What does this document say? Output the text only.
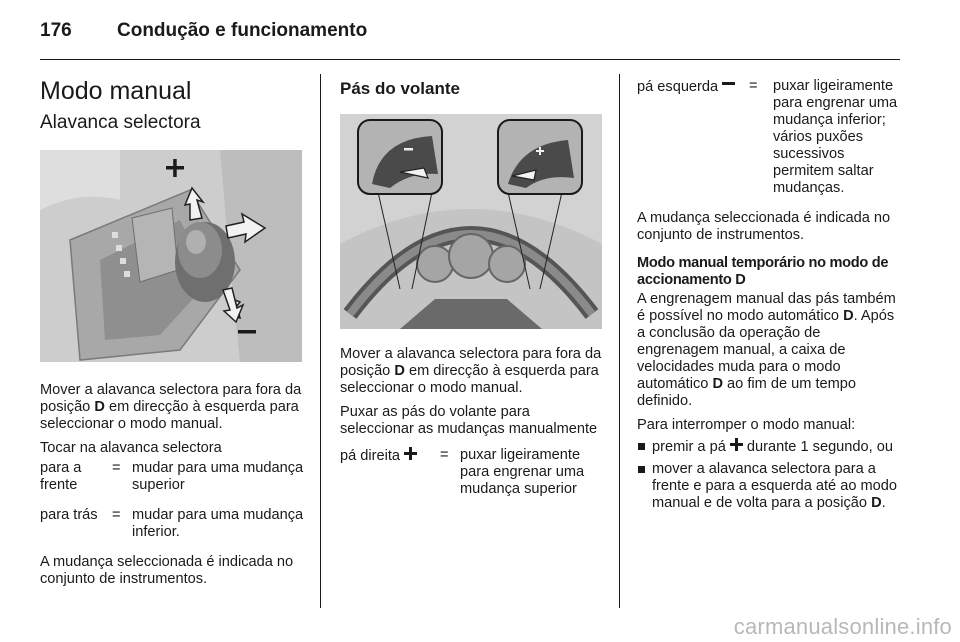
176 Condução e funcionamento
Modo manual
Alavanca selectora
Mover a alavanca selectora para fora da posição D em direcção à esquerda para seleccionar o modo manual.
Tocar na alavanca selectora
para a frente
= mudar para uma mudança superior
para trás = mudar para uma mudança inferior.
A mudança seleccionada é indicada no conjunto de instrumentos.
Pás do volante
Mover a alavanca selectora para fora da posição D em direcção à esquerda para seleccionar o modo manual.
Puxar as pás do volante para seleccionar as mudanças manualmente
pá direita	= puxar ligeiramente para engrenar uma mudança superior
pá esquerda	=	puxar ligeiramente para engrenar uma mudança inferior; vários puxões sucessivos permitem saltar mudanças.
A mudança seleccionada é indicada no conjunto de instrumentos.
Modo manual temporário no modo de accionamento D
A engrenagem manual das pás também é possível no modo automático D. Após a conclusão da operação de engrenagem manual, a caixa de velocidades muda para o modo automático D ao fim de um tempo definido.
Para interromper o modo manual:
premir a pá  durante 1 segundo, ou
mover a alavanca selectora para a frente e para a esquerda até ao modo manual e de volta para a posição D.
carmanualsonline.info
